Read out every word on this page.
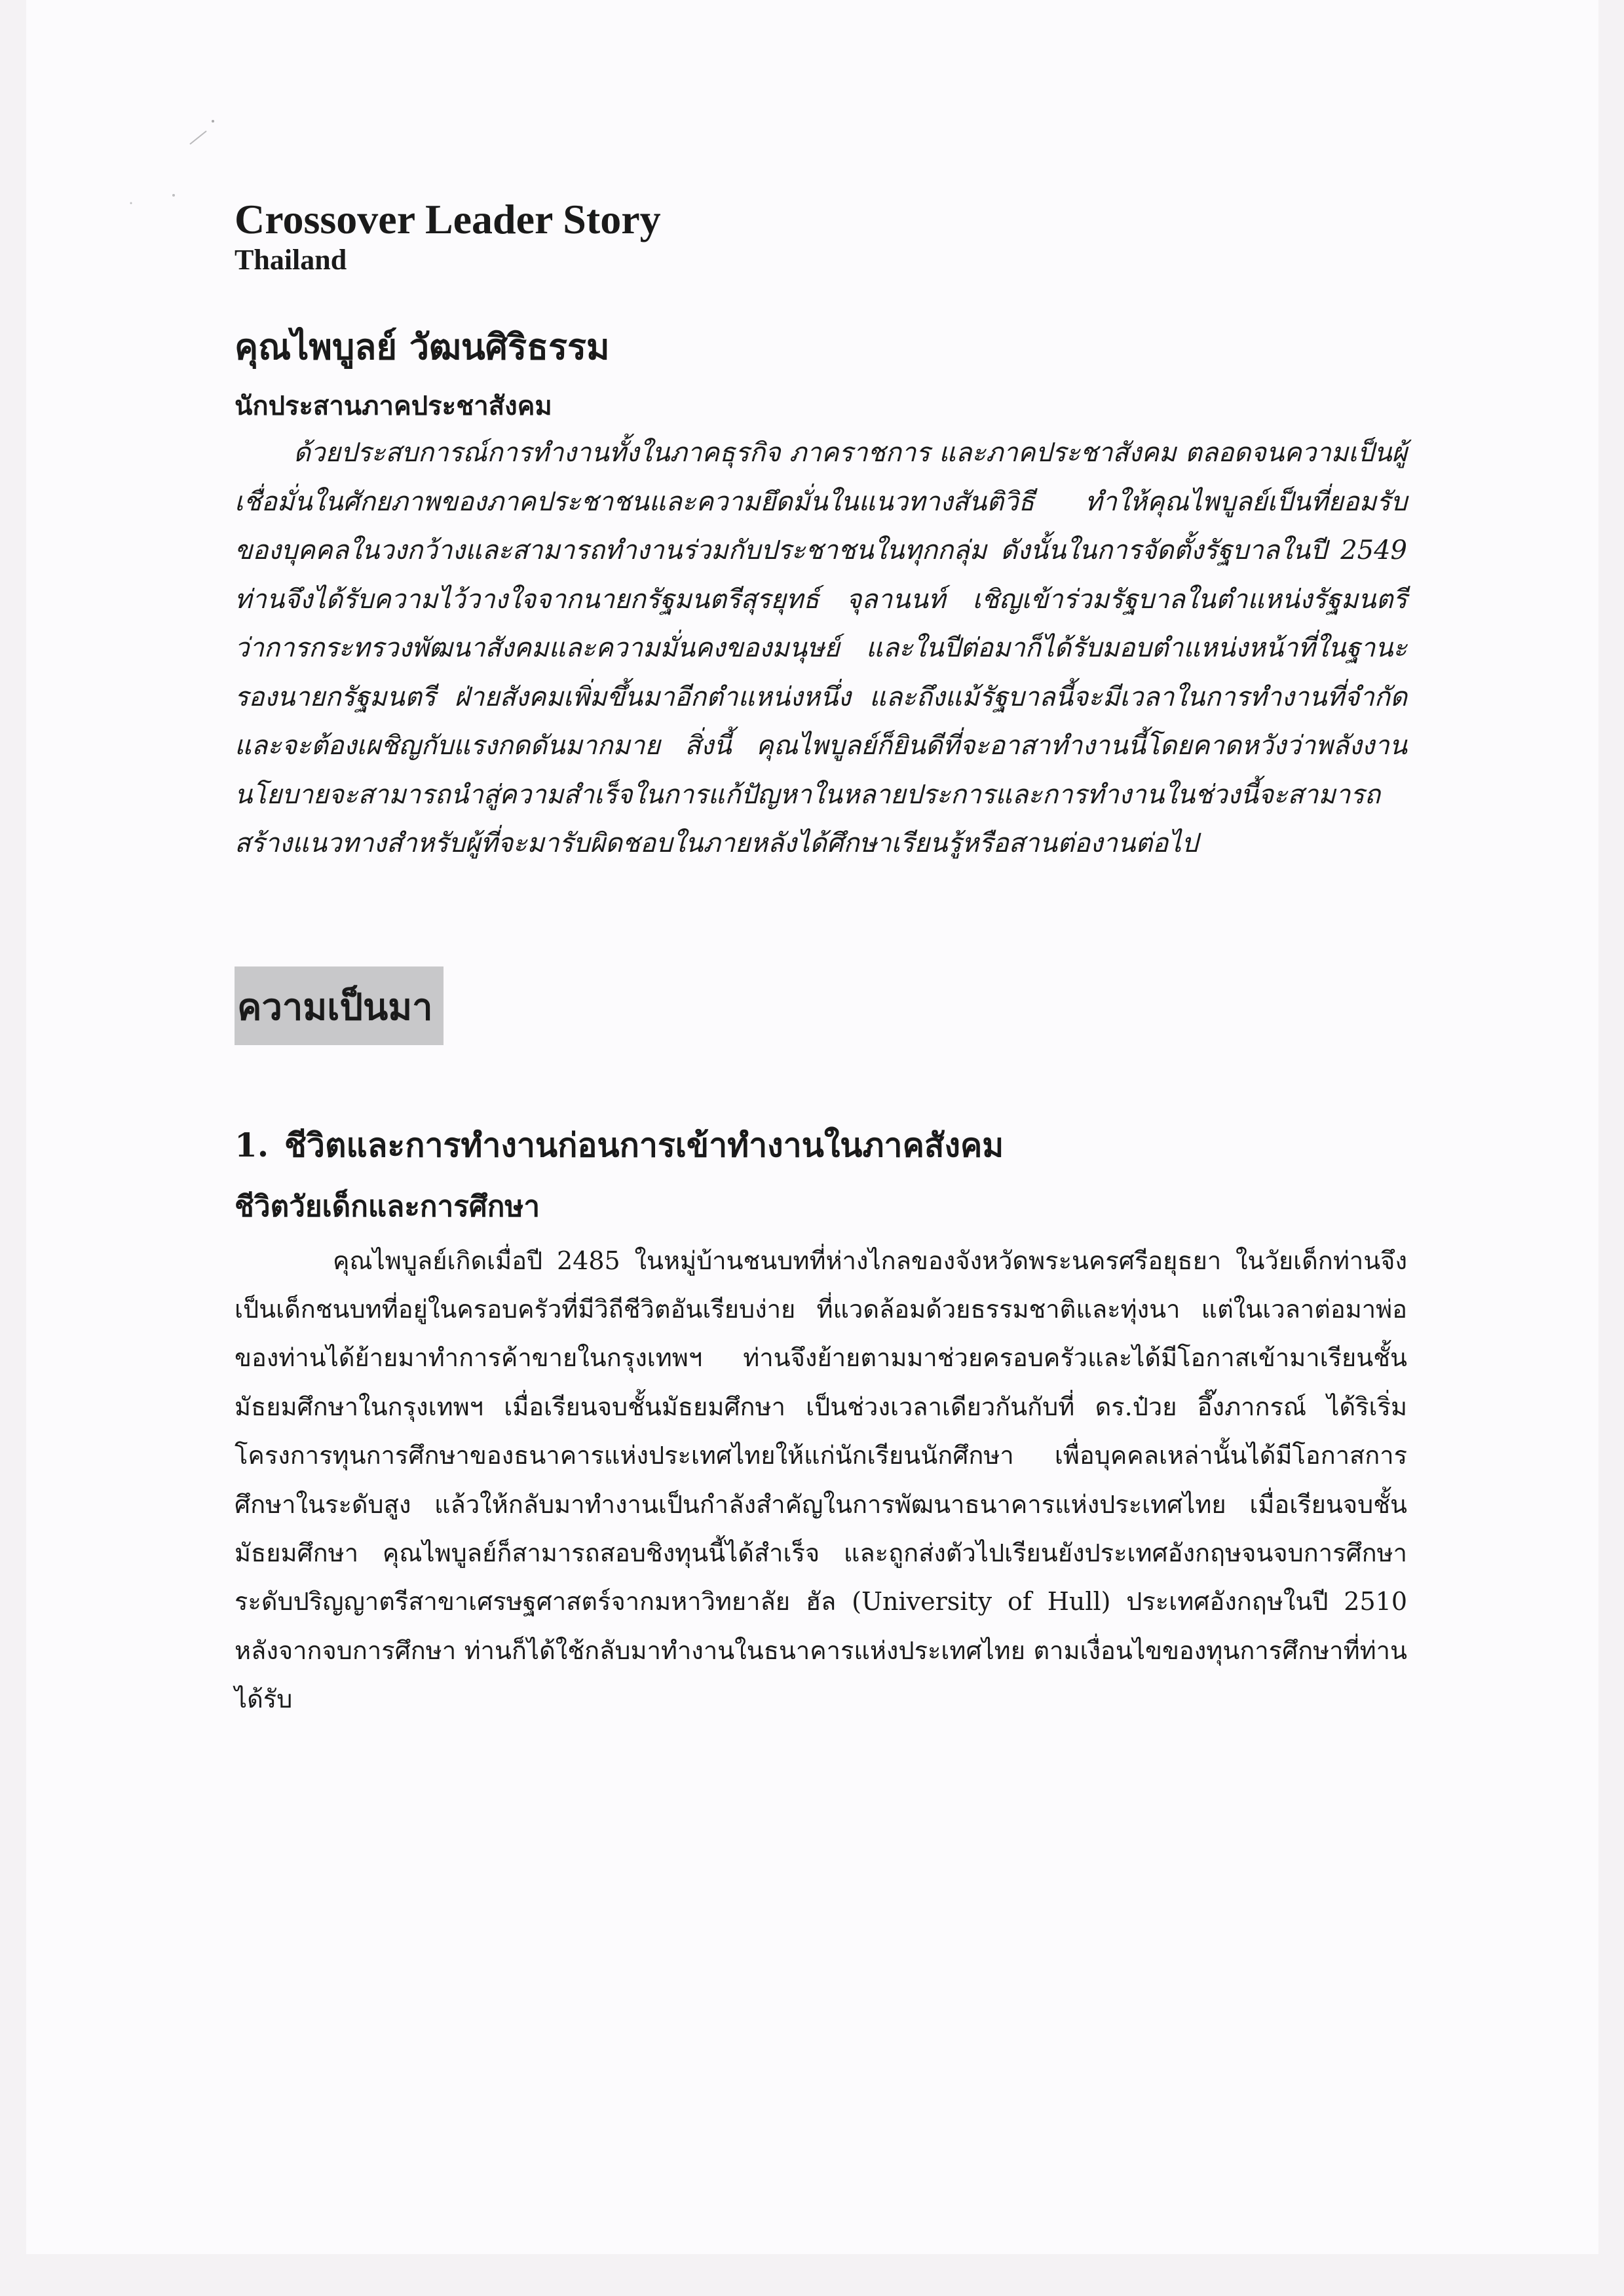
Crossover Leader Story
Thailand
คุณไพบูลย์ วัฒนศิริธรรม
นักประสานภาคประชาสังคม

ด้วยประสบการณ์การทำงานทั้งในภาคธุรกิจ ภาคราชการ และภาคประชาสังคม ตลอดจนความเป็นผู้เชื่อมั่นในศักยภาพของภาคประชาชนและความยึดมั่นในแนวทางสันติวิธี ทำให้คุณไพบูลย์เป็นที่ยอมรับของบุคคลในวงกว้างและสามารถทำงานร่วมกับประชาชนในทุกกลุ่ม ดังนั้นในการจัดตั้งรัฐบาลในปี 2549 ท่านจึงได้รับความไว้วางใจจากนายกรัฐมนตรีสุรยุทธ์ จุลานนท์ เชิญเข้าร่วมรัฐบาลในตำแหน่งรัฐมนตรีว่าการกระทรวงพัฒนาสังคมและความมั่นคงของมนุษย์ และในปีต่อมาก็ได้รับมอบตำแหน่งหน้าที่ในฐานะรองนายกรัฐมนตรี ฝ่ายสังคมเพิ่มขึ้นมาอีกตำแหน่งหนึ่ง และถึงแม้รัฐบาลนี้จะมีเวลาในการทำงานที่จำกัดและจะต้องเผชิญกับแรงกดดันมากมาย สิ่งนี้ คุณไพบูลย์ก็ยินดีที่จะอาสาทำงานนี้โดยคาดหวังว่าพลังงานนโยบายจะสามารถนำสู่ความสำเร็จในการแก้ปัญหาในหลายประการและการทำงานในช่วงนี้จะสามารถสร้างแนวทางสำหรับผู้ที่จะมารับผิดชอบในภายหลังได้ศึกษาเรียนรู้หรือสานต่องานต่อไป

ความเป็นมา
1. ชีวิตและการทำงานก่อนการเข้าทำงานในภาคสังคม
ชีวิตวัยเด็กและการศึกษา

คุณไพบูลย์เกิดเมื่อปี 2485 ในหมู่บ้านชนบทที่ห่างไกลของจังหวัดพระนครศรีอยุธยา ในวัยเด็กท่านจึงเป็นเด็กชนบทที่อยู่ในครอบครัวที่มีวิถีชีวิตอันเรียบง่าย ที่แวดล้อมด้วยธรรมชาติและทุ่งนา แต่ในเวลาต่อมาพ่อของท่านได้ย้ายมาทำการค้าขายในกรุงเทพฯ ท่านจึงย้ายตามมาช่วยครอบครัวและได้มีโอกาสเข้ามาเรียนชั้นมัธยมศึกษาในกรุงเทพฯ เมื่อเรียนจบชั้นมัธยมศึกษา เป็นช่วงเวลาเดียวกันกับที่ ดร.ป๋วย อึ๊งภากรณ์ ได้ริเริ่มโครงการทุนการศึกษาของธนาคารแห่งประเทศไทยให้แก่นักเรียนนักศึกษา เพื่อบุคคลเหล่านั้นได้มีโอกาสการศึกษาในระดับสูง แล้วให้กลับมาทำงานเป็นกำลังสำคัญในการพัฒนาธนาคารแห่งประเทศไทย เมื่อเรียนจบชั้นมัธยมศึกษา คุณไพบูลย์ก็สามารถสอบชิงทุนนี้ได้สำเร็จ และถูกส่งตัวไปเรียนยังประเทศอังกฤษจนจบการศึกษาระดับปริญญาตรีสาขาเศรษฐศาสตร์จากมหาวิทยาลัย ฮัล (University of Hull) ประเทศอังกฤษในปี 2510 หลังจากจบการศึกษา ท่านก็ได้ใช้กลับมาทำงานในธนาคารแห่งประเทศไทย ตามเงื่อนไขของทุนการศึกษาที่ท่านได้รับ
